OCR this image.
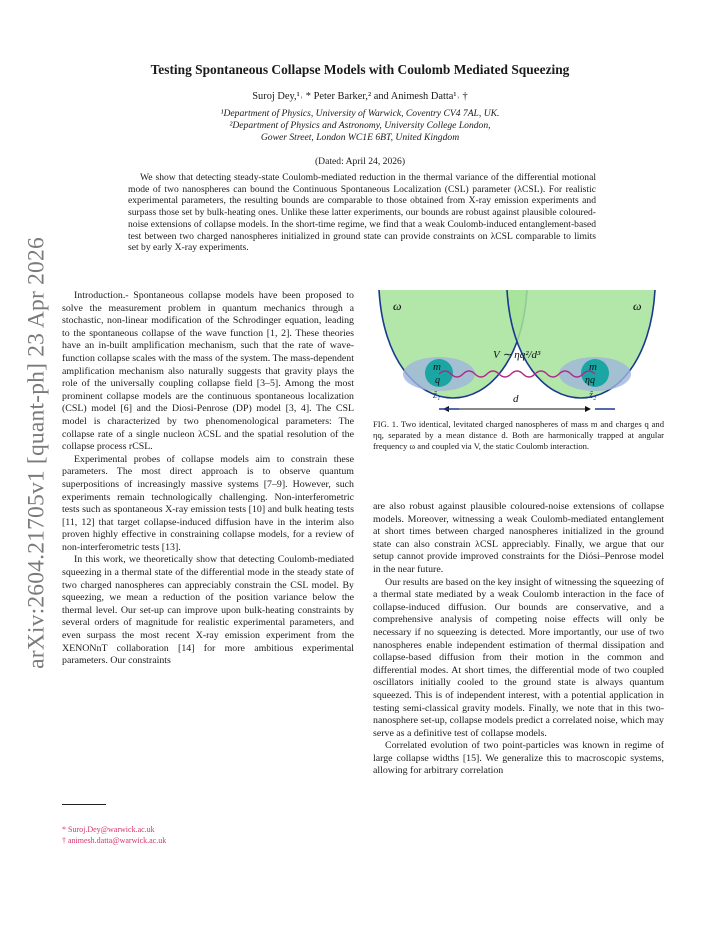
arXiv:2604.21705v1 [quant-ph] 23 Apr 2026
Testing Spontaneous Collapse Models with Coulomb Mediated Squeezing
Suroj Dey,¹˒ * Peter Barker,² and Animesh Datta¹˒ †
¹Department of Physics, University of Warwick, Coventry CV4 7AL, UK.
²Department of Physics and Astronomy, University College London,
Gower Street, London WC1E 6BT, United Kingdom
(Dated: April 24, 2026)
We show that detecting steady-state Coulomb-mediated reduction in the thermal variance of the differential motional mode of two nanospheres can bound the Continuous Spontaneous Localization (CSL) parameter (λCSL). For realistic experimental parameters, the resulting bounds are comparable to those obtained from X-ray emission experiments and surpass those set by bulk-heating ones. Unlike these latter experiments, our bounds are robust against plausible coloured-noise extensions of collapse models. In the short-time regime, we find that a weak Coulomb-induced entanglement-based test between two charged nanospheres initialized in ground state can provide constraints on λCSL comparable to limits set by early X-ray experiments.

Introduction.- Spontaneous collapse models have been proposed to solve the measurement problem in quantum mechanics through a stochastic, non-linear modification of the Schrodinger equation, leading to the spontaneous collapse of the wave function [1, 2]. These theories have an in-built amplification mechanism, such that the rate of wave-function collapse scales with the mass of the system. The mass-dependent amplification mechanism also naturally suggests that gravity plays the role of the universally coupling collapse field [3–5]. Among the most prominent collapse models are the continuous spontaneous localization (CSL) model [6] and the Diosi-Penrose (DP) model [3, 4]. The CSL model is characterized by two phenomenological parameters: The collapse rate of a single nucleon λCSL and the spatial resolution of the collapse process rCSL.

Experimental probes of collapse models aim to constrain these parameters. The most direct approach is to observe quantum superpositions of increasingly massive systems [7–9]. However, such experiments remain technologically challenging. Non-interferometric tests such as spontaneous X-ray emission tests [10] and bulk heating tests [11, 12] that target collapse-induced diffusion have in the interim also proven highly effective in constraining collapse models, for a review of non-interferometric tests [13].

In this work, we theoretically show that detecting Coulomb-mediated squeezing in a thermal state of the differential mode in the steady state of two charged nanospheres can appreciably constrain the CSL model. By squeezing, we mean a reduction of the position variance below the thermal level. Our set-up can improve upon bulk-heating constraints by several orders of magnitude for realistic experimental parameters, and even surpass the most recent X-ray emission experiment from the XENONnT collaboration [14] for more ambitious experimental parameters. Our constraints

ω	ω
m
q
m
ηq
V ∼ ηq²/d³
ẑ₁	ẑ₂
d
FIG. 1. Two identical, levitated charged nanospheres of mass m and charges q and ηq, separated by a mean distance d. Both are harmonically trapped at angular frequency ω and coupled via V, the static Coulomb interaction.

are also robust against plausible coloured-noise extensions of collapse models. Moreover, witnessing a weak Coulomb-mediated entanglement at short times between charged nanospheres initialized in the ground state can also constrain λCSL appreciably. Finally, we argue that our setup cannot provide improved constraints for the Diósi–Penrose model in the near future.

Our results are based on the key insight of witnessing the squeezing of a thermal state mediated by a weak Coulomb interaction in the face of collapse-induced diffusion. Our bounds are conservative, and a comprehensive analysis of competing noise effects will only be necessary if no squeezing is detected. More importantly, our use of two nanospheres enable independent estimation of thermal dissipation and collapse-based diffusion from their motion in the common and differential modes. At short times, the differential mode of two coupled oscillators initially cooled to the ground state is always quantum squeezed. This is of independent interest, with a potential application in testing semi-classical gravity models. Finally, we note that in this two-nanosphere set-up, collapse models predict a correlated noise, which may serve as a definitive test of collapse models.

Correlated evolution of two point-particles was known in regime of large collapse widths [15]. We generalize this to macroscopic systems, allowing for arbitrary correlation

* Suroj.Dey@warwick.ac.uk
† animesh.datta@warwick.ac.uk
